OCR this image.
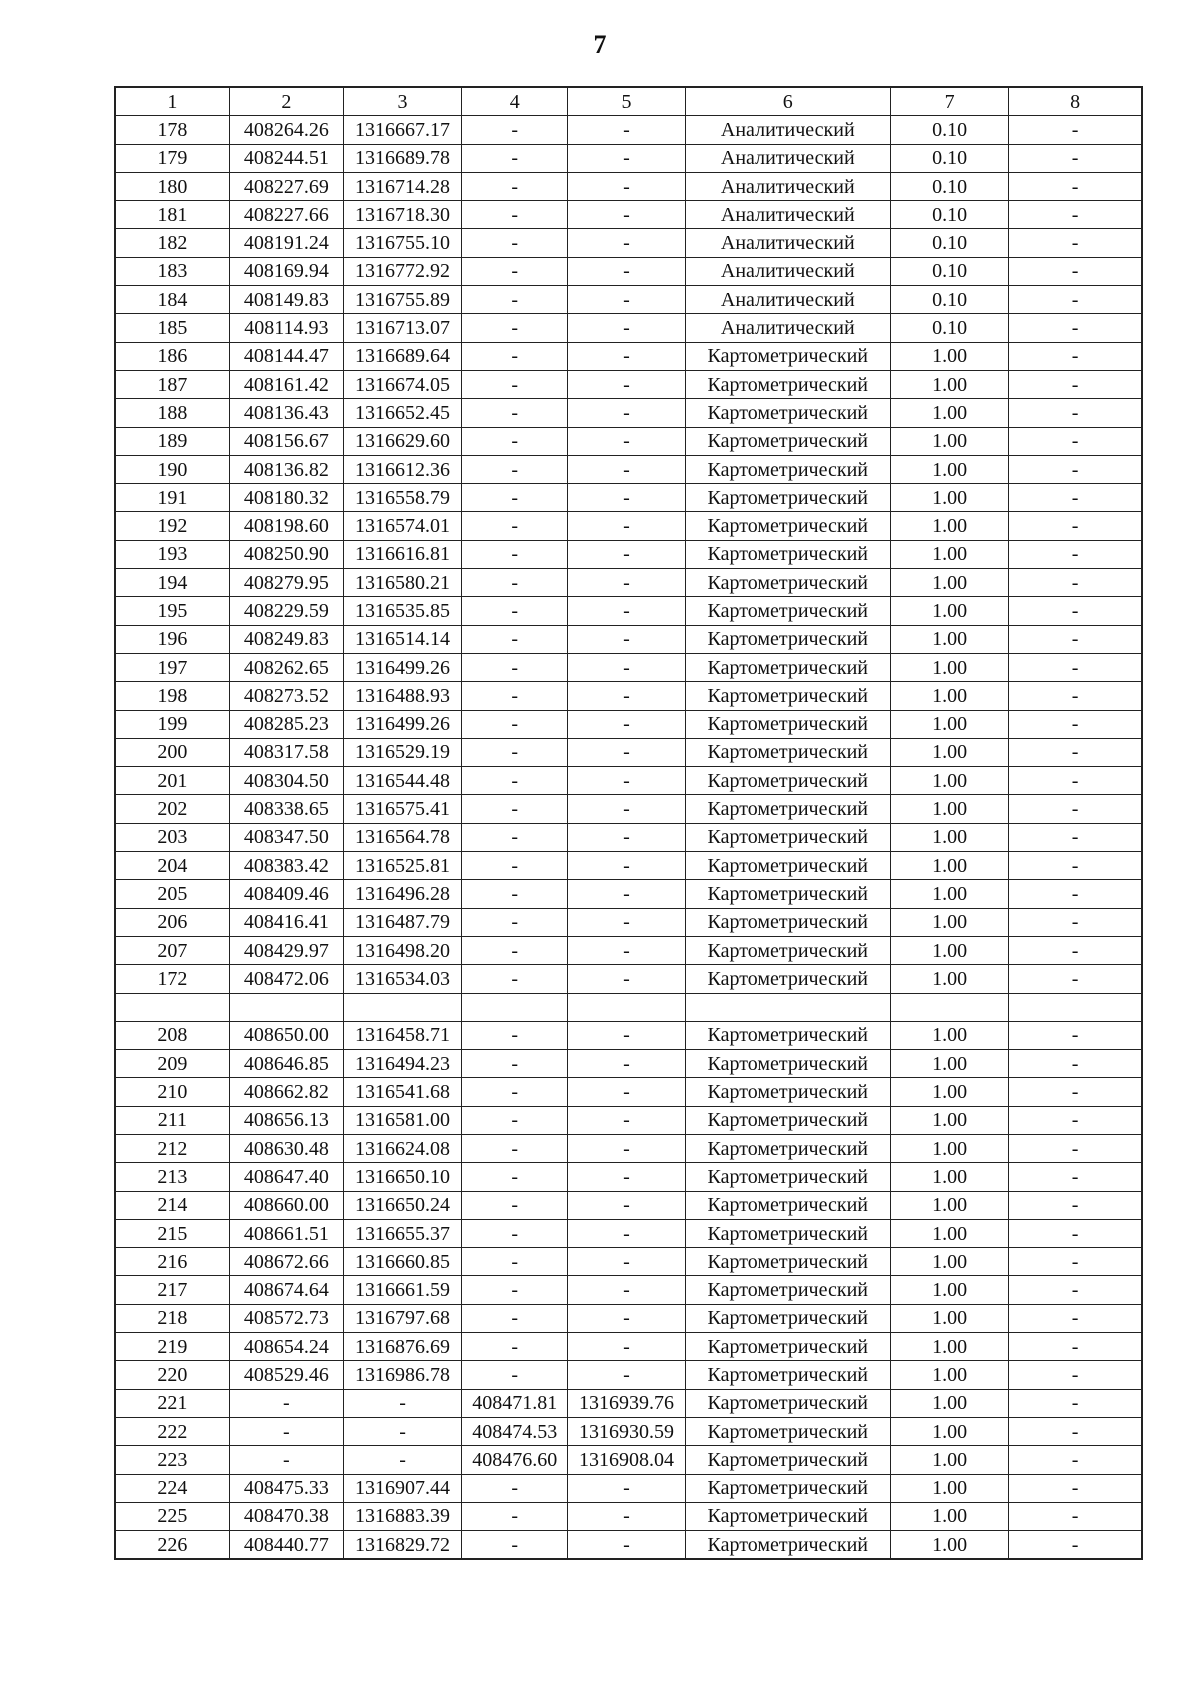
7
1	2	3	4	5	6	7	8
178	408264.26	1316667.17	-	-	Аналитический	0.10	-
179	408244.51	1316689.78	-	-	Аналитический	0.10	-
180	408227.69	1316714.28	-	-	Аналитический	0.10	-
181	408227.66	1316718.30	-	-	Аналитический	0.10	-
182	408191.24	1316755.10	-	-	Аналитический	0.10	-
183	408169.94	1316772.92	-	-	Аналитический	0.10	-
184	408149.83	1316755.89	-	-	Аналитический	0.10	-
185	408114.93	1316713.07	-	-	Аналитический	0.10	-
186	408144.47	1316689.64	-	-	Картометрический	1.00	-
187	408161.42	1316674.05	-	-	Картометрический	1.00	-
188	408136.43	1316652.45	-	-	Картометрический	1.00	-
189	408156.67	1316629.60	-	-	Картометрический	1.00	-
190	408136.82	1316612.36	-	-	Картометрический	1.00	-
191	408180.32	1316558.79	-	-	Картометрический	1.00	-
192	408198.60	1316574.01	-	-	Картометрический	1.00	-
193	408250.90	1316616.81	-	-	Картометрический	1.00	-
194	408279.95	1316580.21	-	-	Картометрический	1.00	-
195	408229.59	1316535.85	-	-	Картометрический	1.00	-
196	408249.83	1316514.14	-	-	Картометрический	1.00	-
197	408262.65	1316499.26	-	-	Картометрический	1.00	-
198	408273.52	1316488.93	-	-	Картометрический	1.00	-
199	408285.23	1316499.26	-	-	Картометрический	1.00	-
200	408317.58	1316529.19	-	-	Картометрический	1.00	-
201	408304.50	1316544.48	-	-	Картометрический	1.00	-
202	408338.65	1316575.41	-	-	Картометрический	1.00	-
203	408347.50	1316564.78	-	-	Картометрический	1.00	-
204	408383.42	1316525.81	-	-	Картометрический	1.00	-
205	408409.46	1316496.28	-	-	Картометрический	1.00	-
206	408416.41	1316487.79	-	-	Картометрический	1.00	-
207	408429.97	1316498.20	-	-	Картометрический	1.00	-
172	408472.06	1316534.03	-	-	Картометрический	1.00	-

208	408650.00	1316458.71	-	-	Картометрический	1.00	-
209	408646.85	1316494.23	-	-	Картометрический	1.00	-
210	408662.82	1316541.68	-	-	Картометрический	1.00	-
211	408656.13	1316581.00	-	-	Картометрический	1.00	-
212	408630.48	1316624.08	-	-	Картометрический	1.00	-
213	408647.40	1316650.10	-	-	Картометрический	1.00	-
214	408660.00	1316650.24	-	-	Картометрический	1.00	-
215	408661.51	1316655.37	-	-	Картометрический	1.00	-
216	408672.66	1316660.85	-	-	Картометрический	1.00	-
217	408674.64	1316661.59	-	-	Картометрический	1.00	-
218	408572.73	1316797.68	-	-	Картометрический	1.00	-
219	408654.24	1316876.69	-	-	Картометрический	1.00	-
220	408529.46	1316986.78	-	-	Картометрический	1.00	-
221	-	-	408471.81	1316939.76	Картометрический	1.00	-
222	-	-	408474.53	1316930.59	Картометрический	1.00	-
223	-	-	408476.60	1316908.04	Картометрический	1.00	-
224	408475.33	1316907.44	-	-	Картометрический	1.00	-
225	408470.38	1316883.39	-	-	Картометрический	1.00	-
226	408440.77	1316829.72	-	-	Картометрический	1.00	-
